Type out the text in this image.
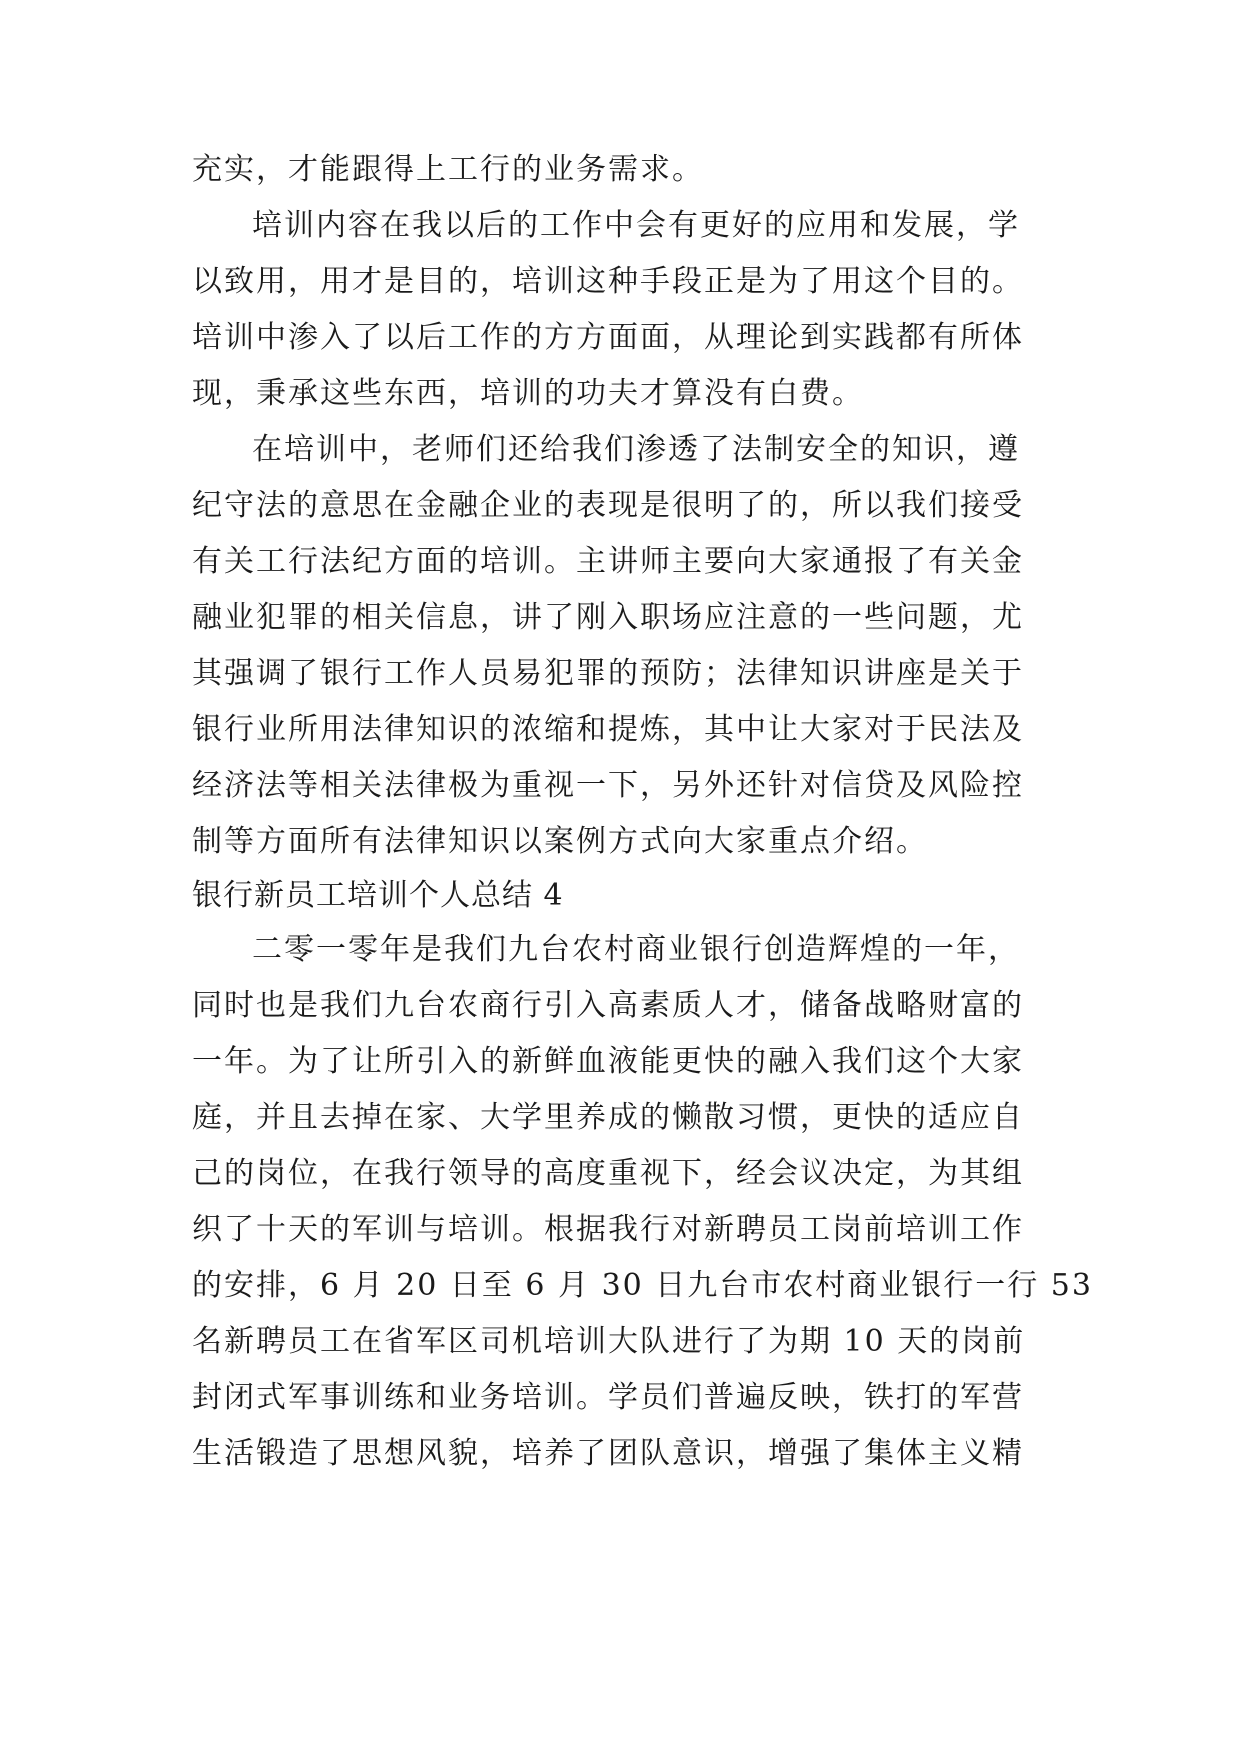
充实，才能跟得上工行的业务需求。
培训内容在我以后的工作中会有更好的应用和发展，学
以致用，用才是目的，培训这种手段正是为了用这个目的。
培训中渗入了以后工作的方方面面，从理论到实践都有所体
现，秉承这些东西，培训的功夫才算没有白费。
在培训中，老师们还给我们渗透了法制安全的知识，遵
纪守法的意思在金融企业的表现是很明了的，所以我们接受
有关工行法纪方面的培训。主讲师主要向大家通报了有关金
融业犯罪的相关信息，讲了刚入职场应注意的一些问题，尤
其强调了银行工作人员易犯罪的预防；法律知识讲座是关于
银行业所用法律知识的浓缩和提炼，其中让大家对于民法及
经济法等相关法律极为重视一下，另外还针对信贷及风险控
制等方面所有法律知识以案例方式向大家重点介绍。
银行新员工培训个人总结 4
二零一零年是我们九台农村商业银行创造辉煌的一年，
同时也是我们九台农商行引入高素质人才，储备战略财富的
一年。为了让所引入的新鲜血液能更快的融入我们这个大家
庭，并且去掉在家、大学里养成的懒散习惯，更快的适应自
己的岗位，在我行领导的高度重视下，经会议决定，为其组
织了十天的军训与培训。根据我行对新聘员工岗前培训工作
的安排，6 月 20 日至 6 月 30 日九台市农村商业银行一行 53
名新聘员工在省军区司机培训大队进行了为期 10 天的岗前
封闭式军事训练和业务培训。学员们普遍反映，铁打的军营
生活锻造了思想风貌，培养了团队意识，增强了集体主义精
